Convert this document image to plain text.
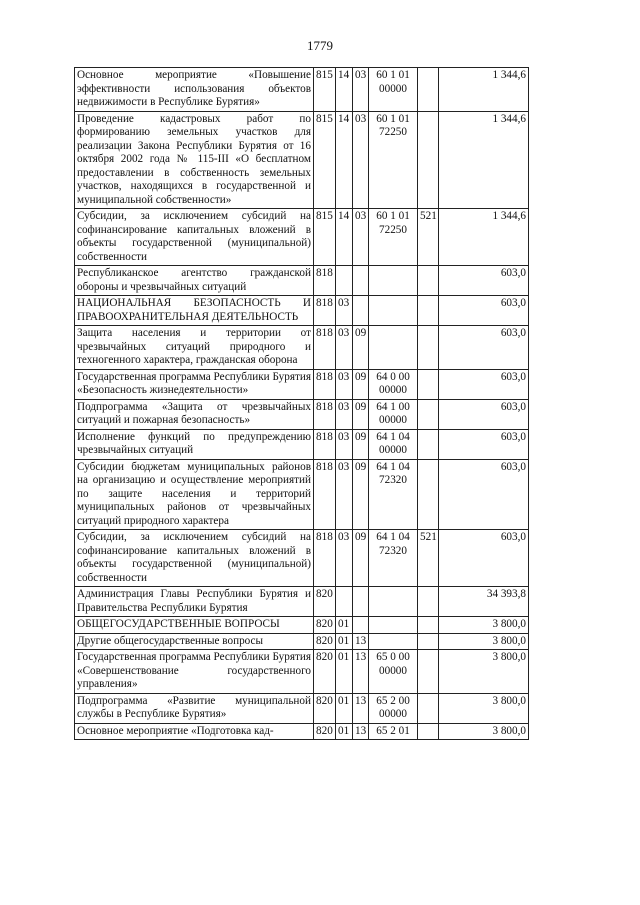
1779
Основное мероприятие «Повышение эффективности использования объектов недвижимости в Республике Бурятия»	815	14	03	60 1 01 00000		1 344,6	
Проведение кадастровых работ по формированию земельных участков для реализации Закона Республики Бурятия от 16 октября 2002 года № 115-III «О бесплатном предоставлении в собственность земельных участков, находящихся в государственной и муниципальной собственности»	815	14	03	60 1 01 72250		1 344,6	
Субсидии, за исключением субсидий на софинансирование капитальных вложений в объекты государственной (муниципальной) собственности	815	14	03	60 1 01 72250	521	1 344,6	
Республиканское агентство гражданской обороны и чрезвычайных ситуаций	818					603,0	
НАЦИОНАЛЬНАЯ БЕЗОПАСНОСТЬ И ПРАВООХРАНИТЕЛЬНАЯ ДЕЯТЕЛЬНОСТЬ	818	03				603,0	
Защита населения и территории от чрезвычайных ситуаций природного и техногенного характера, гражданская оборона	818	03	09			603,0	
Государственная программа Республики Бурятия «Безопасность жизнедеятельности»	818	03	09	64 0 00 00000		603,0	
Подпрограмма «Защита от чрезвычайных ситуаций и пожарная безопасность»	818	03	09	64 1 00 00000		603,0	
Исполнение функций по предупреждению чрезвычайных ситуаций	818	03	09	64 1 04 00000		603,0	
Субсидии бюджетам муниципальных районов на организацию и осуществление мероприятий по защите населения и территорий муниципальных районов от чрезвычайных ситуаций природного характера	818	03	09	64 1 04 72320		603,0	
Субсидии, за исключением субсидий на софинансирование капитальных вложений в объекты государственной (муниципальной) собственности	818	03	09	64 1 04 72320	521	603,0	
Администрация Главы Республики Бурятия и Правительства Республики Бурятия	820					34 393,8	
ОБЩЕГОСУДАРСТВЕННЫЕ ВОПРОСЫ	820	01				3 800,0	
Другие общегосударственные вопросы	820	01	13			3 800,0	
Государственная программа Республики Бурятия «Совершенствование государственного управления»	820	01	13	65 0 00 00000		3 800,0	
Подпрограмма «Развитие муниципальной службы в Республике Бурятия»	820	01	13	65 2 00 00000		3 800,0	
Основное мероприятие «Подготовка кад-	820	01	13	65 2 01		3 800,0	
